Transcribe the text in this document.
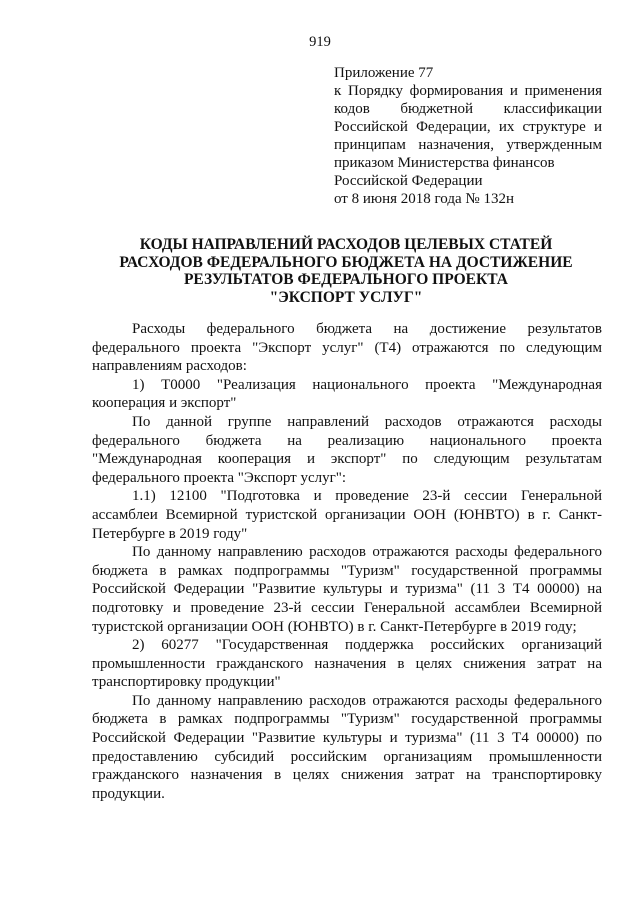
919
Приложение 77
к Порядку формирования и применения
кодов бюджетной классификации
Российской Федерации, их структуре и
принципам назначения, утвержденным
приказом Министерства финансов
Российской Федерации
от 8 июня 2018 года № 132н
КОДЫ НАПРАВЛЕНИЙ РАСХОДОВ ЦЕЛЕВЫХ СТАТЕЙ
РАСХОДОВ ФЕДЕРАЛЬНОГО БЮДЖЕТА НА ДОСТИЖЕНИЕ
РЕЗУЛЬТАТОВ ФЕДЕРАЛЬНОГО ПРОЕКТА
"ЭКСПОРТ УСЛУГ"

Расходы федерального бюджета на достижение результатов федерального проекта "Экспорт услуг" (Т4) отражаются по следующим направлениям расходов:

1) Т0000 "Реализация национального проекта "Международная кооперация и экспорт"

По данной группе направлений расходов отражаются расходы федерального бюджета на реализацию национального проекта "Международная кооперация и экспорт" по следующим результатам федерального проекта "Экспорт услуг":

1.1) 12100 "Подготовка и проведение 23-й сессии Генеральной ассамблеи Всемирной туристской организации ООН (ЮНВТО) в г. Санкт-Петербурге в 2019 году"

По данному направлению расходов отражаются расходы федерального бюджета в рамках подпрограммы "Туризм" государственной программы Российской Федерации "Развитие культуры и туризма" (11 3 Т4 00000) на подготовку и проведение 23-й сессии Генеральной ассамблеи Всемирной туристской организации ООН (ЮНВТО) в г. Санкт-Петербурге в 2019 году;

2) 60277 "Государственная поддержка российских организаций промышленности гражданского назначения в целях снижения затрат на транспортировку продукции"

По данному направлению расходов отражаются расходы федерального бюджета в рамках подпрограммы "Туризм" государственной программы Российской Федерации "Развитие культуры и туризма" (11 3 Т4 00000) по предоставлению субсидий российским организациям промышленности гражданского назначения в целях снижения затрат на транспортировку продукции.
